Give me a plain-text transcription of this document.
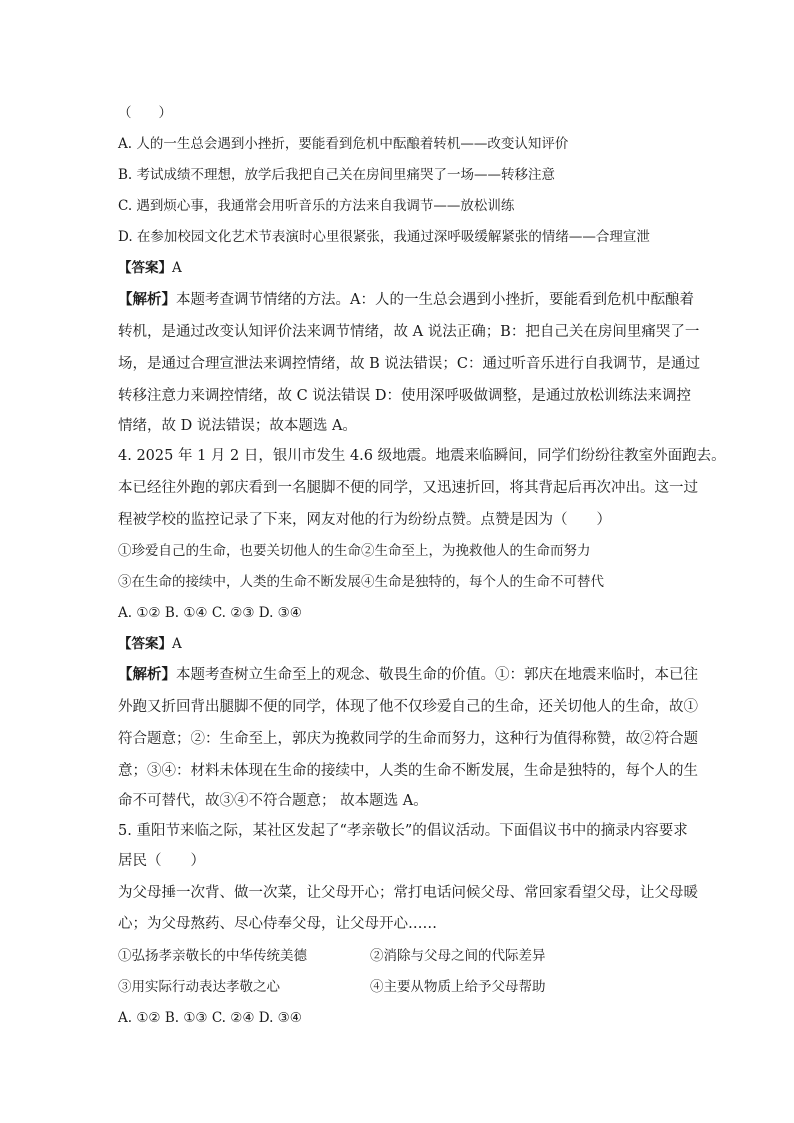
（　　）
A. 人的一生总会遇到小挫折，要能看到危机中酝酿着转机——改变认知评价
B. 考试成绩不理想，放学后我把自己关在房间里痛哭了一场——转移注意
C. 遇到烦心事，我通常会用听音乐的方法来自我调节——放松训练
D. 在参加校园文化艺术节表演时心里很紧张，我通过深呼吸缓解紧张的情绪——合理宣泄
【答案】A
【解析】本题考查调节情绪的方法。A：人的一生总会遇到小挫折，要能看到危机中酝酿着
转机，是通过改变认知评价法来调节情绪，故 A 说法正确；B：把自己关在房间里痛哭了一
场，是通过合理宣泄法来调控情绪，故 B 说法错误；C：通过听音乐进行自我调节，是通过
转移注意力来调控情绪，故 C 说法错误 D：使用深呼吸做调整，是通过放松训练法来调控
情绪，故 D 说法错误；故本题选 A。
4. 2025 年 1 月 2 日，银川市发生 4.6 级地震。地震来临瞬间，同学们纷纷往教室外面跑去。
本已经往外跑的郭庆看到一名腿脚不便的同学，又迅速折回，将其背起后再次冲出。这一过
程被学校的监控记录了下来，网友对他的行为纷纷点赞。点赞是因为（　　）
①珍爱自己的生命，也要关切他人的生命②生命至上，为挽救他人的生命而努力
③在生命的接续中，人类的生命不断发展④生命是独特的，每个人的生命不可替代
A. ①② B. ①④ C. ②③ D. ③④
【答案】A
【解析】本题考查树立生命至上的观念、敬畏生命的价值。①：郭庆在地震来临时，本已往
外跑又折回背出腿脚不便的同学，体现了他不仅珍爱自己的生命，还关切他人的生命，故①
符合题意；②：生命至上，郭庆为挽救同学的生命而努力，这种行为值得称赞，故②符合题
意；③④：材料未体现在生命的接续中，人类的生命不断发展，生命是独特的，每个人的生
命不可替代，故③④不符合题意； 故本题选 A。
5. 重阳节来临之际，某社区发起了“孝亲敬长”的倡议活动。下面倡议书中的摘录内容要求
居民（　　）
为父母捶一次背、做一次菜，让父母开心；常打电话问候父母、常回家看望父母，让父母暖
心；为父母熬药、尽心侍奉父母，让父母开心……
①弘扬孝亲敬长的中华传统美德	②消除与父母之间的代际差异
③用实际行动表达孝敬之心	④主要从物质上给予父母帮助
A. ①② B. ①③ C. ②④ D. ③④
